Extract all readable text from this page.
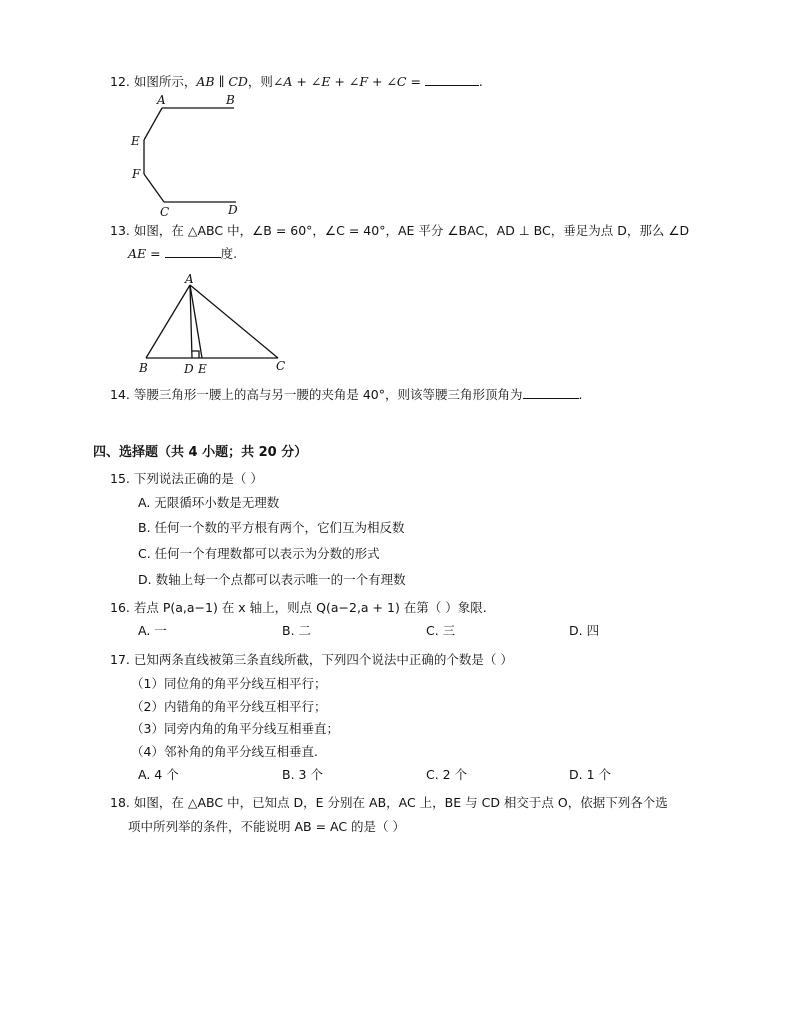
12. 如图所示，AB ∥ CD，则∠A + ∠E + ∠F + ∠C =	.
A	B
E
F
C	D
A
B	D E	C
13. 如图，在 △ABC 中，∠B = 60°，∠C = 40°，AE 平分 ∠BAC，AD ⊥ BC，垂足为点 D，那么 ∠D
AE =	度.
14. 等腰三角形一腰上的高与另一腰的夹角是 40°，则该等腰三角形顶角为	.
四、选择题（共 4 小题；共 20 分）
15. 下列说法正确的是（ ）
A. 无限循环小数是无理数
B. 任何一个数的平方根有两个，它们互为相反数
C. 任何一个有理数都可以表示为分数的形式
D. 数轴上每一个点都可以表示唯一的一个有理数
16. 若点 P(a,a−1) 在 x 轴上，则点 Q(a−2,a + 1) 在第（ ）象限.
A. 一	B. 二	C. 三	D. 四
17. 已知两条直线被第三条直线所截，下列四个说法中正确的个数是（ ）
（1）同位角的角平分线互相平行；
（2）内错角的角平分线互相平行；
（3）同旁内角的角平分线互相垂直；
（4）邻补角的角平分线互相垂直.
A. 4 个	B. 3 个	C. 2 个	D. 1 个
18. 如图，在 △ABC 中，已知点 D，E 分别在 AB，AC 上，BE 与 CD 相交于点 O，依据下列各个选
项中所列举的条件，不能说明 AB = AC 的是（ ）
